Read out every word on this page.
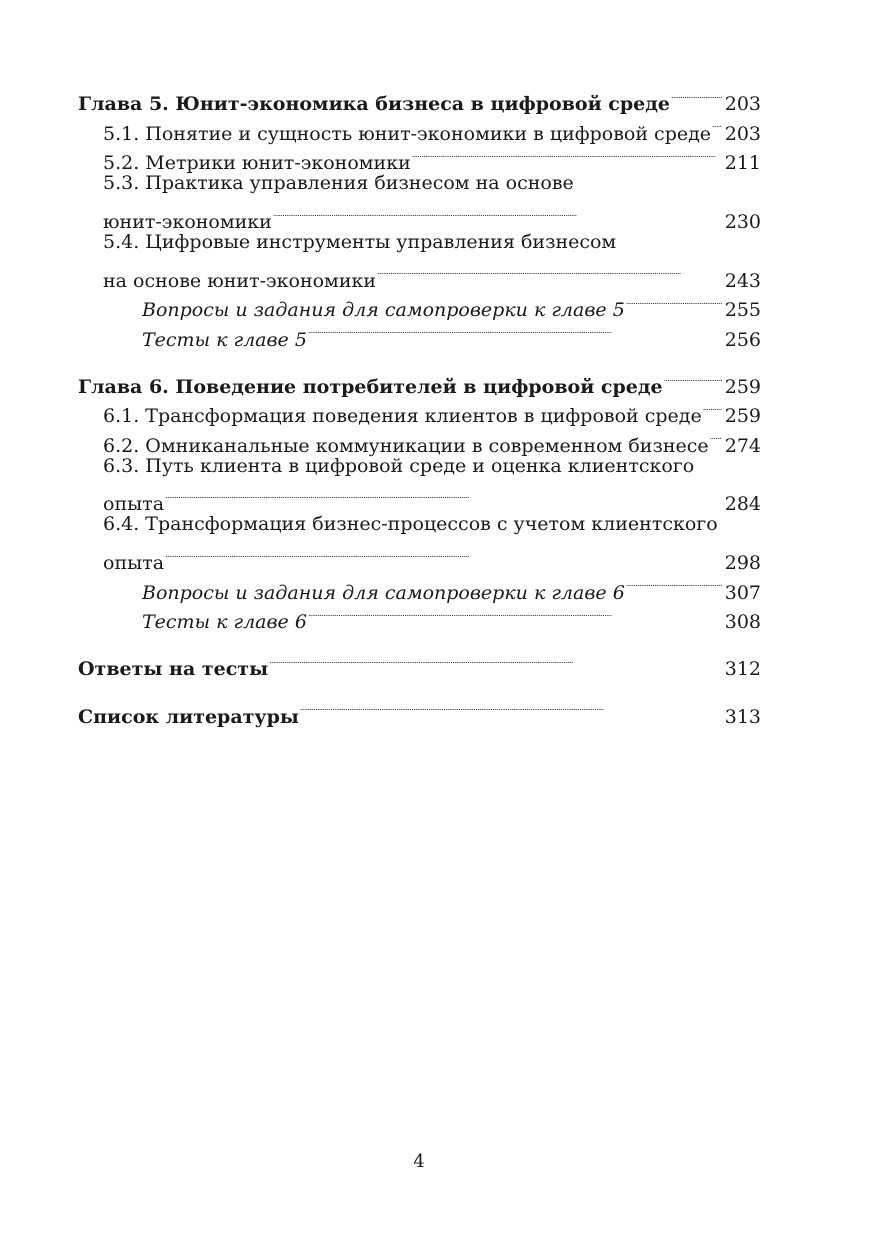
Глава 5. Юнит-экономика бизнеса в цифровой среде . . .	203
5.1. Понятие и сущность юнит-экономики в цифровой среде . . . 203
5.2. Метрики юнит-экономики . . .	211
5.3. Практика управления бизнесом на основе
юнит-экономики . . .	230
5.4. Цифровые инструменты управления бизнесом
на основе юнит-экономики . . .	243
Вопросы и задания для самопроверки к главе 5 . . .	255
Тесты к главе 5 . . .	256
Глава 6. Поведение потребителей в цифровой среде . . .	259
6.1. Трансформация поведения клиентов в цифровой среде . . . 259
6.2. Омниканальные коммуникации в современном бизнесе . . . 274
6.3. Путь клиента в цифровой среде и оценка клиентского
опыта . . .	284
6.4. Трансформация бизнес-процессов с учетом клиентского
опыта . . .	298
Вопросы и задания для самопроверки к главе 6 . . .	307
Тесты к главе 6 . . .	308
Ответы на тесты . . .	312
Список литературы . . .	313
4
